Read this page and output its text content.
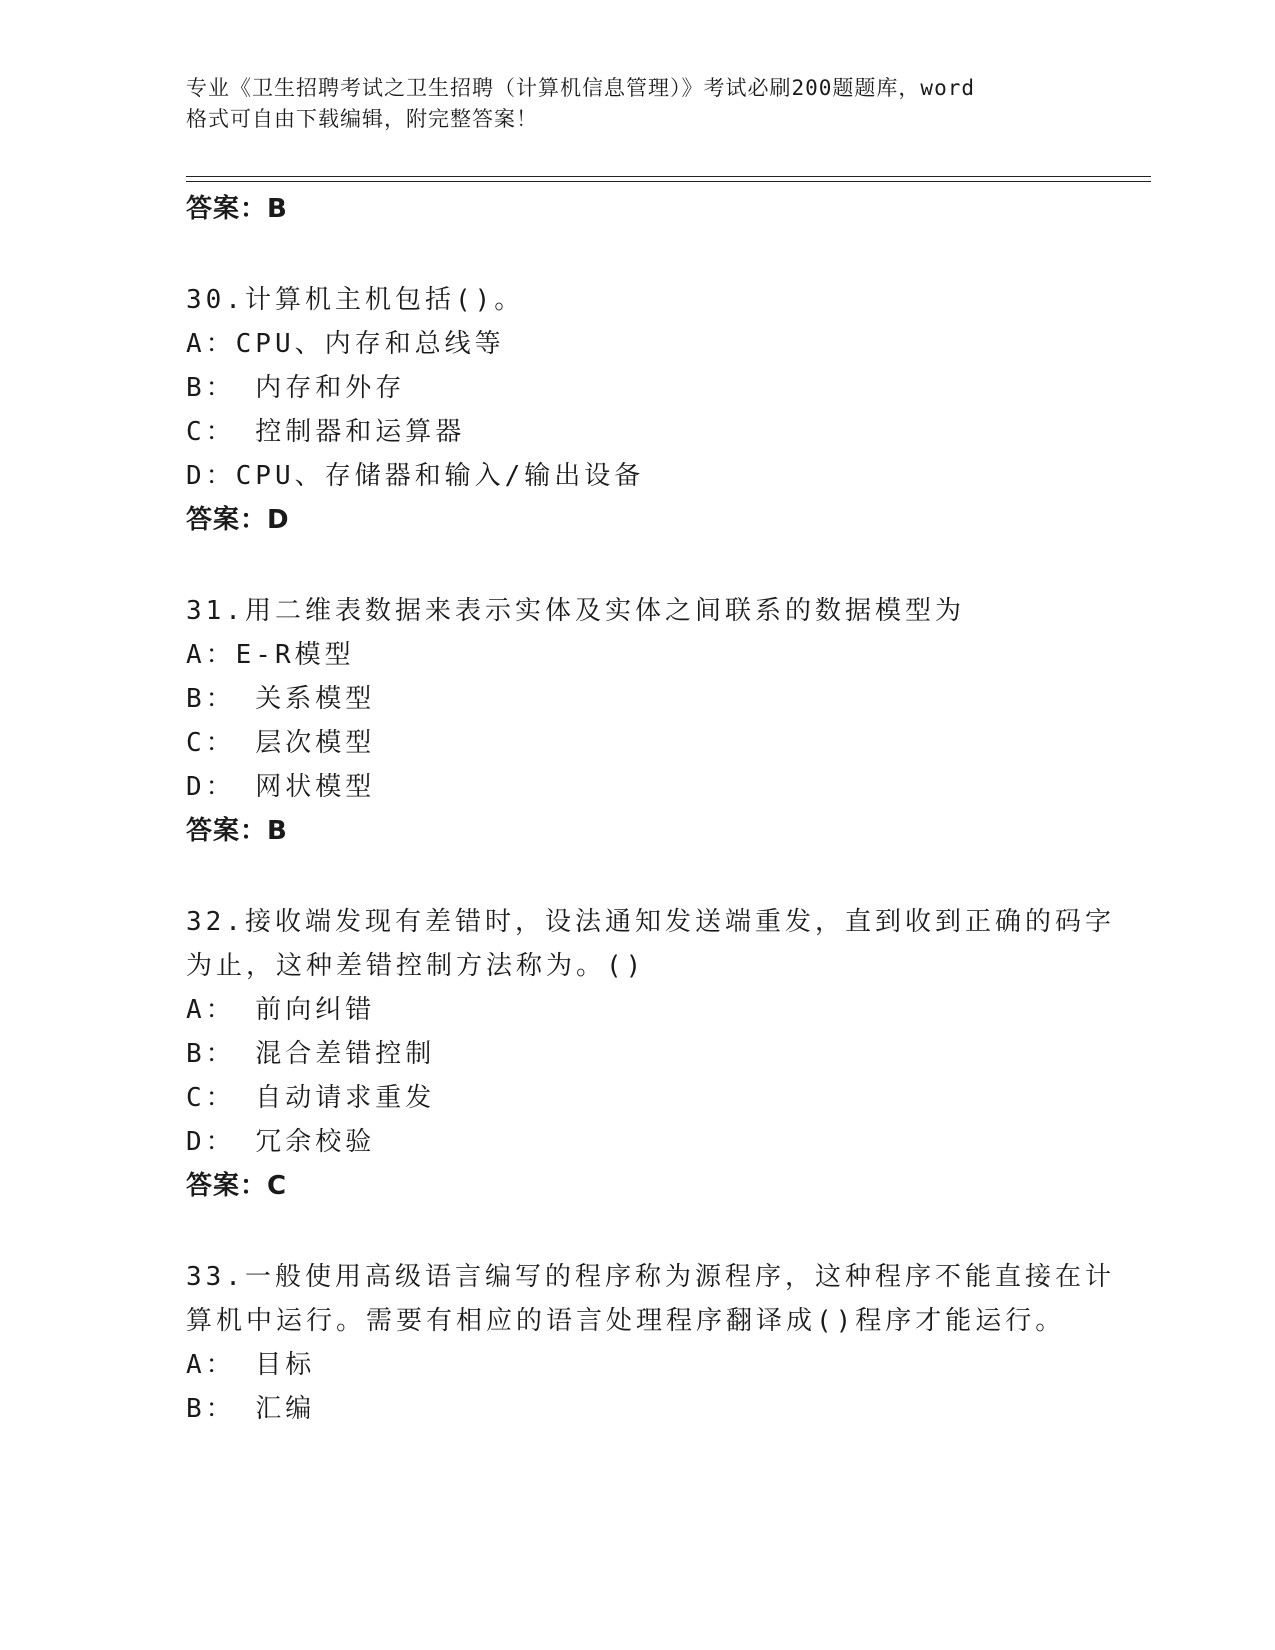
专业《卫生招聘考试之卫生招聘（计算机信息管理）》考试必刷200题题库，word
格式可自由下载编辑，附完整答案！
答案：B
30.计算机主机包括()。
A：CPU、内存和总线等
B： 内存和外存
C： 控制器和运算器
D：CPU、存储器和输入/输出设备
答案：D
31.用二维表数据来表示实体及实体之间联系的数据模型为
A：E-R模型
B： 关系模型
C： 层次模型
D： 网状模型
答案：B
32.接收端发现有差错时，设法通知发送端重发，直到收到正确的码字
为止，这种差错控制方法称为。()
A： 前向纠错
B： 混合差错控制
C： 自动请求重发
D： 冗余校验
答案：C
33.一般使用高级语言编写的程序称为源程序，这种程序不能直接在计
算机中运行。需要有相应的语言处理程序翻译成()程序才能运行。
A： 目标
B： 汇编
